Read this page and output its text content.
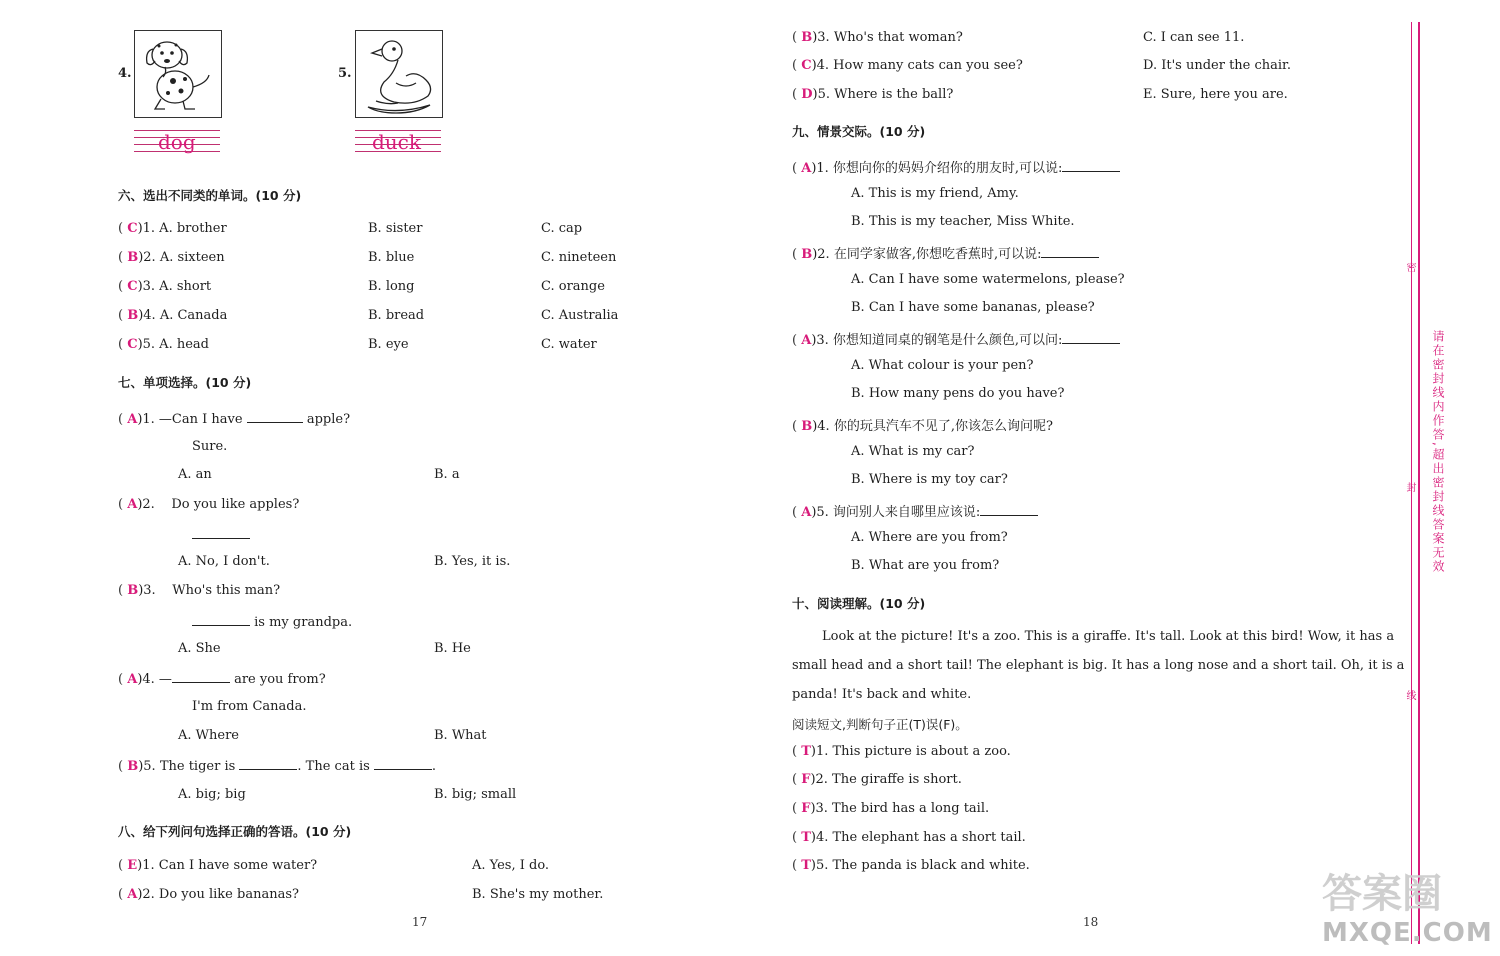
4.
dog
5.
duck
六、选出不同类的单词。(10 分)
( C)1. A. brother	B. sister	C. cap
( B)2. A. sixteen	B. blue	C. nineteen
( C)3. A. short	B. long	C. orange
( B)4. A. Canada	B. bread	C. Australia
( C)5. A. head	B. eye	C. water
七、单项选择。(10 分)
( A)1. —Can I have	apple?
Sure.
A. an	B. a
( A)2. Do you like apples?
A. No, I don't.	B. Yes, it is.
( B)3. Who's this man?
is my grandpa.
A. She	B. He
( A)4. —	are you from?
I'm from Canada.
A. Where	B. What
( B)5. The tiger is	. The cat is	.
A. big; big	B. big; small
八、给下列问句选择正确的答语。(10 分)
( E)1. Can I have some water?	A. Yes, I do.
( A)2. Do you like bananas?	B. She's my mother.
17
( B)3. Who's that woman?	C. I can see 11.
( C)4. How many cats can you see?	D. It's under the chair.
( D)5. Where is the ball?	E. Sure, here you are.
九、情景交际。(10 分)
( A)1. 你想向你的妈妈介绍你的朋友时,可以说:
A. This is my friend, Amy.
B. This is my teacher, Miss White.
( B)2. 在同学家做客,你想吃香蕉时,可以说:
A. Can I have some watermelons, please?
B. Can I have some bananas, please?
( A)3. 你想知道同桌的钢笔是什么颜色,可以问:
A. What colour is your pen?
B. How many pens do you have?
( B)4. 你的玩具汽车不见了,你该怎么询问呢?
A. What is my car?
B. Where is my toy car?
( A)5. 询问别人来自哪里应该说:
A. Where are you from?
B. What are you from?
十、阅读理解。(10 分)
Look at the picture! It's a zoo. This is a giraffe. It's tall. Look at this bird! Wow, it has a
small head and a short tail! The elephant is big. It has a long nose and a short tail. Oh, it is a
panda! It's back and white.
阅读短文,判断句子正(T)误(F)。
( T)1. This picture is about a zoo.
( F)2. The giraffe is short.
( F)3. The bird has a long tail.
( T)4. The elephant has a short tail.
( T)5. The panda is black and white.
18
密
封
线
请在密封线内作答,超出密封线答案无效
答案圈
MXQE.COM
